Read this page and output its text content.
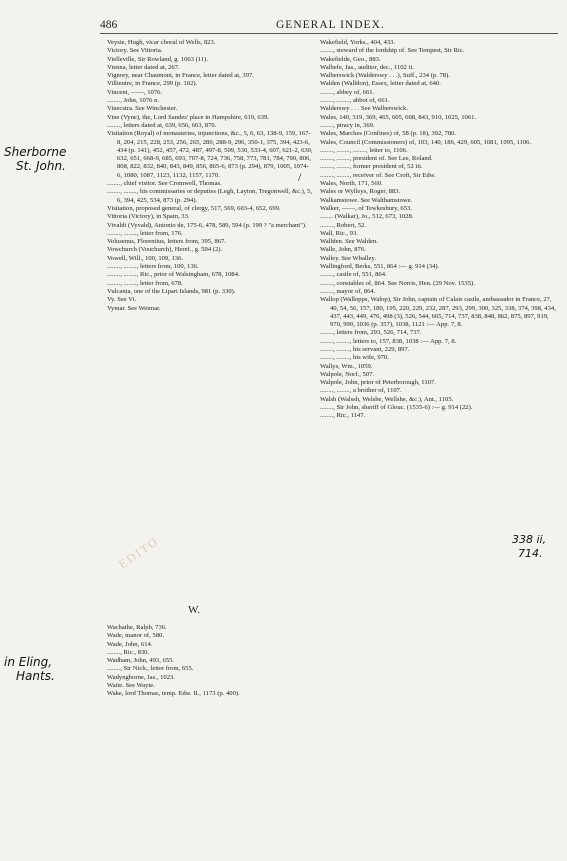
486	GENERAL INDEX.
EDITO

Veysie, Hugh, vicar choral of Wells, 823.

Victory. See Vittoria.

Vielleville, Sir Rowland, g. 1063 (11).

Vienna, letter dated at, 267.

Vignory, near Chaumont, in France, letter dated at, 397.

Villieutre, in France, 299 (p. 102).

Vincent, ——, 1076.

........, John, 1076 n.

Vinecstra. See Winchester.

Vine (Vyne), the, Lord Sandes' place in Hampshire, 619, 639.

........, letters dated at, 639, 656, 663, 870.

Visitation (Royal) of monasteries, injunctions, &c., 5, 6, 63, 138-9, 159, 167-8, 204, 215, 228, 253, 256, 265, 280, 288-9, 296, 350-1, 375, 394, 423-6, 434 (p. 141), 452, 457, 472, 487, 497-8, 509, 530, 533-4, 607, 621-2, 630, 632, 651, 668-9, 685, 693, 707-8, 724, 736, 758, 773, 781, 784, 790, 806, 808, 822, 832, 840, 843, 849, 856, 865-6, 873 (p. 294), 879, 1005, 1074-6, 1080, 1087, 1123, 1132, 1157, 1170.

........, chief visitor. See Cromwell, Thomas.

........, ........, his commissaries or deputies (Legh, Layton, Tregonwell, &c.), 5, 6, 394, 425, 534, 873 (p. 294).

Visitation, proposed general, of clergy, 517, 569, 603-4, 652, 699.

Vittoria (Victory), in Spain, 33.

Vivaldi (Vyvald), Antonio de, 175-6, 478, 589, 594 (p. 199 ? "a merchant").

........, ........, letter from, 176.

Volusenus, Florentius, letters from, 395, 867.

Vowchurch (Vouchurch), Heref., g. 504 (2).

Vowell, Will., 100, 109, 136.

........, ........, letters from, 100, 136.

........, ........, Ric., prior of Walsingham, 678, 1084.

........, ........, letter from, 678.

Vulcania, one of the Lipari Islands, 981 (p. 330).

Vy. See Vi.

Vymar. See Weimar.

W.

Wachathe, Ralph, 736.

Wade, manor of, 580.

Wade, John, 614.

........, Ric., 830.

Wadham, John, 493, 655.

........, Sir Nich., letter from, 655.

Wadyngborne, Jas., 1023.

Waite. See Wayte.

Wake, lord Thomas, temp. Edw. II., 1173 (p. 400).

Wakefield, Yorks., 404, 433.

........, steward of the lordship of. See Tempest, Sir Ric.

Wakefielde, Geo., 883.

Walbefe, Jas., auditor, dec., 1102 ii.

Walberswick (Walderswy . . .), Suff., 234 (p. 78).

Walden (Walldon), Essex, letter dated at, 640.

........, abbey of, 661.

........, ........, abbot of, 661.

Walderswy . . . See Walberswick.

Wales, 140, 319, 369, 465, 605, 608, 843, 910, 1025, 1061.

........, piracy in, 369.

Wales, Marches (Confines) of, 58 (p. 18), 392, 780.

Wales, Council (Commissioners) of, 103, 140, 186, 429, 605, 1081, 1095, 1106.

........, ........, ........, letter to, 1106.

........, ........, president of. See Lee, Roland.

........, ........, former president of, 52 iii.

........, ........, receiver of. See Croft, Sir Edw.

Wales, North, 171, 560.

Wales or Wylleys, Roger, 883.

Walkamstowe. See Walthamstowe.

Walker, ——, of Tewkesbury, 653.

........ (Walkar), Jo., 512, 673, 1028.

........, Robert, 52.

Wall, Ric., 93.

Wallden. See Walden.

Walle, John, 876.

Walley. See Whalley.

Wallingford, Berks, 551, 864 :— g. 914 (34).

........, castle of, 551, 864.

........, constables of, 864. See Norris, Hen. (29 Nov. 1535).

........, mayor of, 864.

Wallop (Wallopps, Walop), Sir John, captain of Calais castle, ambassador in France, 27, 40, 54, 56, 157, 180, 195, 220, 229, 232, 287, 293, 299, 300, 325, 338, 374, 398, 434, 437, 443, 449, 476, 498 (3), 526, 544, 665, 714, 737, 838, 848, 862, 875, 897, 919, 970, 999, 1036 (p. 357), 1038, 1121 :— App. 7, 8.

........, letters from, 293, 526, 714, 737.

........, ........, letters to, 157, 838, 1038 :— App. 7, 8.

........, ........, his servant, 229, 897.

........, ........, his wife, 970.

Wallys, Wm., 1059.

Walpole, Norf., 507.

Walpole, John, prior of Peterborough, 1107.

........, ........, a brother of, 1107.

Walsh (Walssh, Welshe, Wellshe, &c.), Ant., 1105.

........, Sir John, sheriff of Glouc. (1535-6) :— g. 914 (22).

........, Ric., 1147.

Sherborne
St. John.
/
in Eling,
Hants.
338 ii,
714.
